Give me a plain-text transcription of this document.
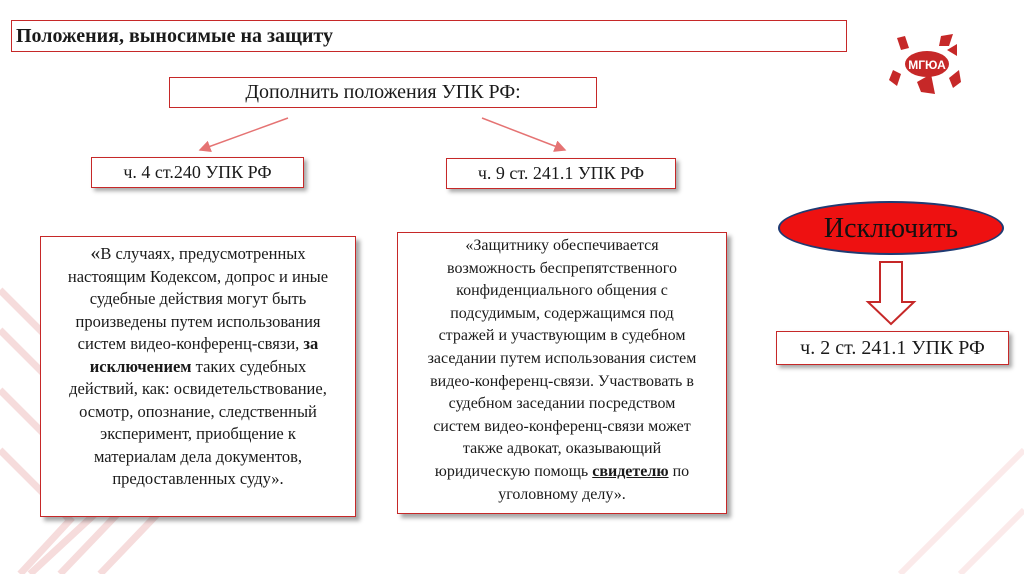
Положения, выносимые на защиту
МГЮА
Дополнить положения УПК РФ:
ч. 4 ст.240 УПК РФ	ч. 9 ст. 241.1 УПК РФ
«В случаях, предусмотренных
настоящим Кодексом, допрос и иные
судебные действия могут быть
произведены путем использования
систем видео-конференц-связи, за
исключением таких судебных
действий, как: освидетельствование,
осмотр, опознание, следственный
эксперимент, приобщение к
материалам дела документов,
предоставленных суду».
«Защитнику обеспечивается
возможность беспрепятственного
конфиденциального общения с
подсудимым, содержащимся под
стражей и участвующим в судебном
заседании путем использования систем
видео-конференц-связи. Участвовать в
судебном заседании посредством
систем видео-конференц-связи может
также адвокат, оказывающий
юридическую помощь свидетелю по
уголовному делу».
Исключить
ч. 2 ст. 241.1 УПК РФ
